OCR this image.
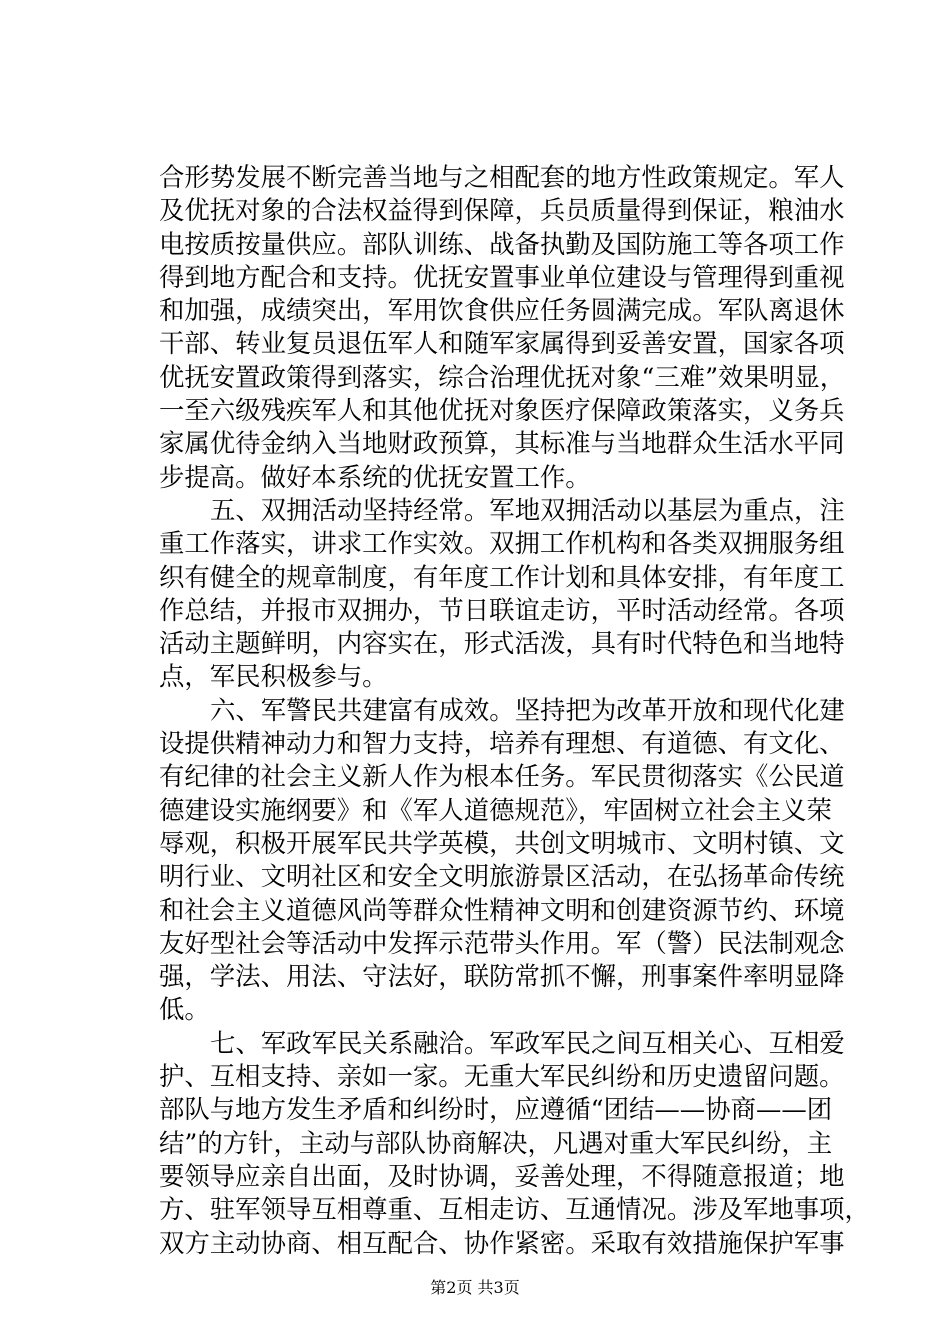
合形势发展不断完善当地与之相配套的地方性政策规定。军人
及优抚对象的合法权益得到保障，兵员质量得到保证，粮油水
电按质按量供应。部队训练、战备执勤及国防施工等各项工作
得到地方配合和支持。优抚安置事业单位建设与管理得到重视
和加强，成绩突出，军用饮食供应任务圆满完成。军队离退休
干部、转业复员退伍军人和随军家属得到妥善安置，国家各项
优抚安置政策得到落实，综合治理优抚对象“三难”效果明显，
一至六级残疾军人和其他优抚对象医疗保障政策落实，义务兵
家属优待金纳入当地财政预算，其标准与当地群众生活水平同
步提高。做好本系统的优抚安置工作。
五、双拥活动坚持经常。军地双拥活动以基层为重点，注
重工作落实，讲求工作实效。双拥工作机构和各类双拥服务组
织有健全的规章制度，有年度工作计划和具体安排，有年度工
作总结，并报市双拥办，节日联谊走访，平时活动经常。各项
活动主题鲜明，内容实在，形式活泼，具有时代特色和当地特
点，军民积极参与。
六、军警民共建富有成效。坚持把为改革开放和现代化建
设提供精神动力和智力支持，培养有理想、有道德、有文化、
有纪律的社会主义新人作为根本任务。军民贯彻落实《公民道
德建设实施纲要》和《军人道德规范》，牢固树立社会主义荣
辱观，积极开展军民共学英模，共创文明城市、文明村镇、文
明行业、文明社区和安全文明旅游景区活动，在弘扬革命传统
和社会主义道德风尚等群众性精神文明和创建资源节约、环境
友好型社会等活动中发挥示范带头作用。军（警）民法制观念
强，学法、用法、守法好，联防常抓不懈，刑事案件率明显降
低。
七、军政军民关系融洽。军政军民之间互相关心、互相爱
护、互相支持、亲如一家。无重大军民纠纷和历史遗留问题。
部队与地方发生矛盾和纠纷时，应遵循“团结——协商——团
结”的方针，主动与部队协商解决，凡遇对重大军民纠纷，主
要领导应亲自出面，及时协调，妥善处理，不得随意报道；地
方、驻军领导互相尊重、互相走访、互通情况。涉及军地事项，
双方主动协商、相互配合、协作紧密。采取有效措施保护军事
第2页 共3页
